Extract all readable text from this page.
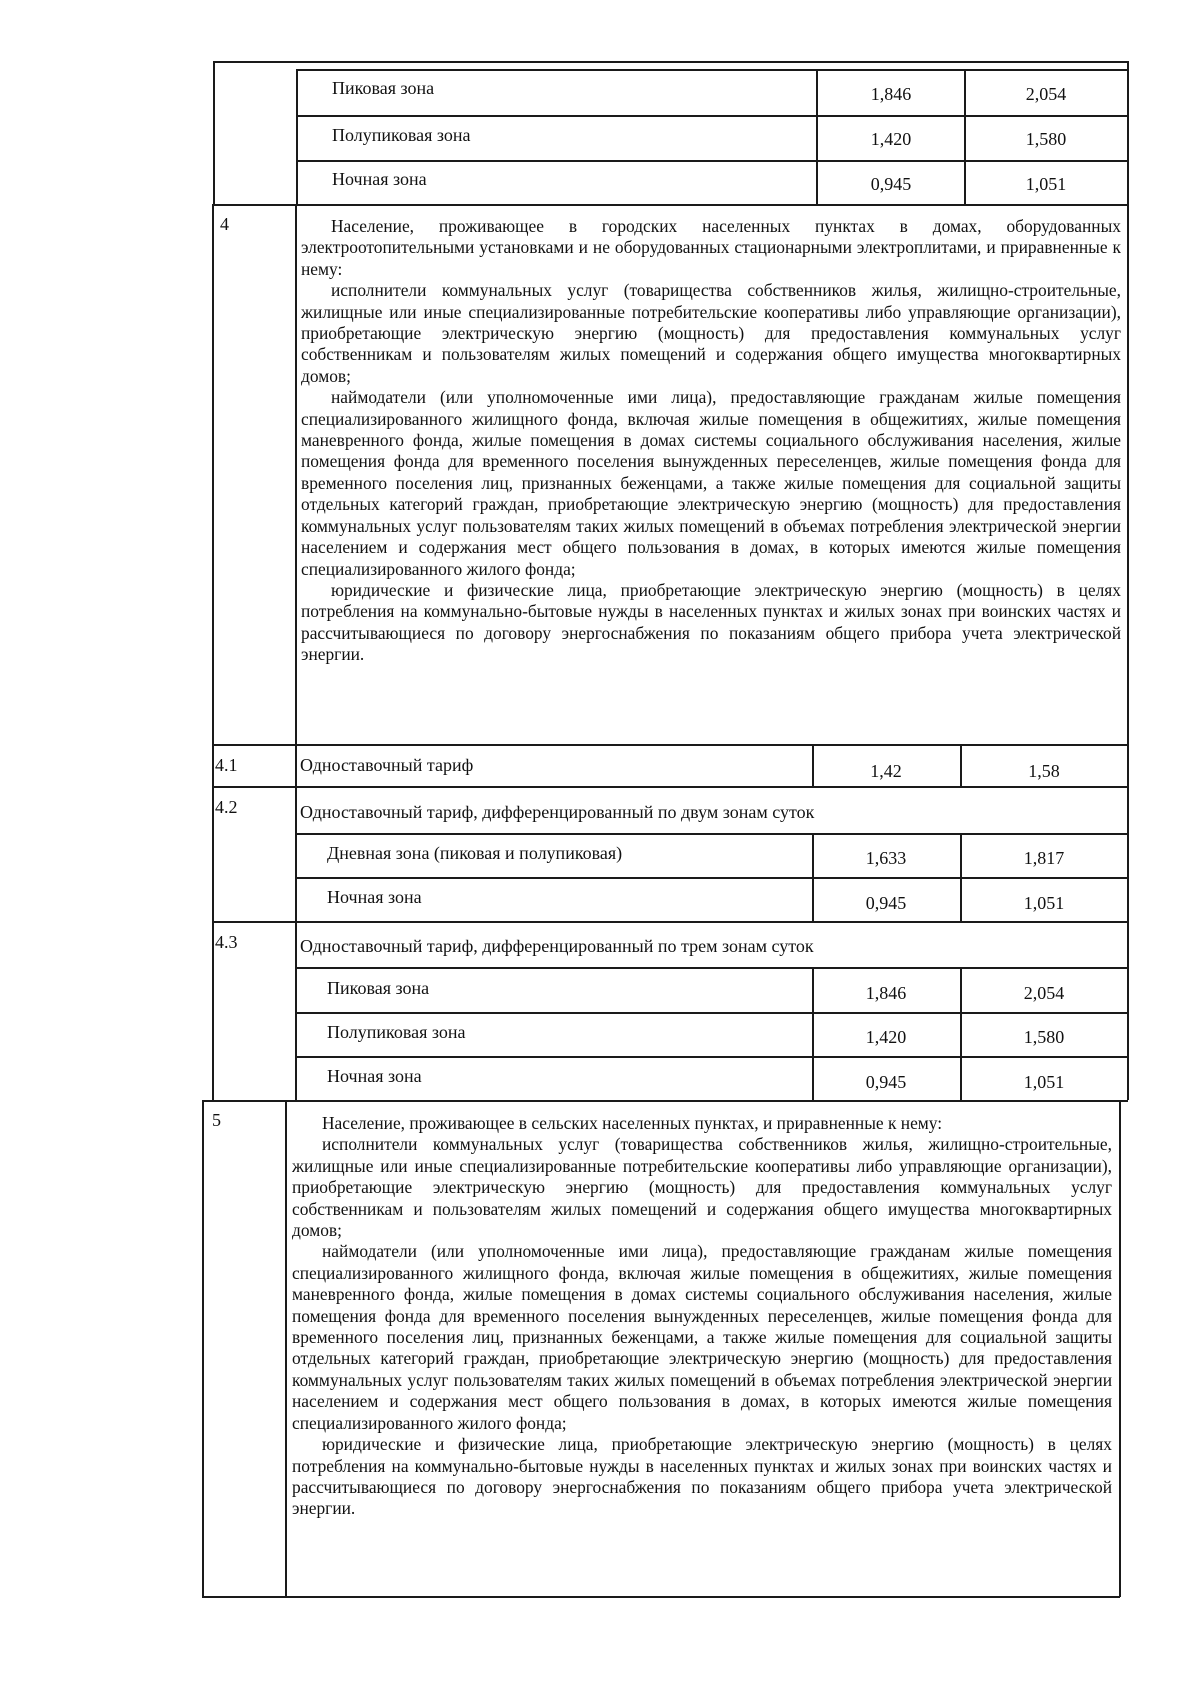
Пиковая зона	1,846	2,054
Полупиковая зона	1,420	1,580
Ночная зона	0,945	1,051
4	Население, проживающее в городских населенных пунктах в домах, оборудованных электроотопительными установками и не оборудованных стационарными электроплитами, и приравненные к нему:

исполнители коммунальных услуг (товарищества собственников жилья, жилищно-строительные, жилищные или иные специализированные потребительские кооперативы либо управляющие организации), приобретающие электрическую энергию (мощность) для предоставления коммунальных услуг собственникам и пользователям жилых помещений и содержания общего имущества многоквартирных домов;

наймодатели (или уполномоченные ими лица), предоставляющие гражданам жилые помещения специализированного жилищного фонда, включая жилые помещения в общежитиях, жилые помещения маневренного фонда, жилые помещения в домах системы социального обслуживания населения, жилые помещения фонда для временного поселения вынужденных переселенцев, жилые помещения фонда для временного поселения лиц, признанных беженцами, а также жилые помещения для социальной защиты отдельных категорий граждан, приобретающие электрическую энергию (мощность) для предоставления коммунальных услуг пользователям таких жилых помещений в объемах потребления электрической энергии населением и содержания мест общего пользования в домах, в которых имеются жилые помещения специализированного жилого фонда;

юридические и физические лица, приобретающие электрическую энергию (мощность) в целях потребления на коммунально-бытовые нужды в населенных пунктах и жилых зонах при воинских частях и рассчитывающиеся по договору энергоснабжения по показаниям общего прибора учета электрической энергии.

4.1	Одноставочный тариф	1,42	1,58
4.2	Одноставочный тариф, дифференцированный по двум зонам суток
Дневная зона (пиковая и полупиковая)	1,633	1,817
Ночная зона	0,945	1,051
4.3	Одноставочный тариф, дифференцированный по трем зонам суток
Пиковая зона	1,846	2,054
Полупиковая зона	1,420	1,580
Ночная зона	0,945	1,051
5	Население, проживающее в сельских населенных пунктах, и приравненные к нему:

исполнители коммунальных услуг (товарищества собственников жилья, жилищно-строительные, жилищные или иные специализированные потребительские кооперативы либо управляющие организации), приобретающие электрическую энергию (мощность) для предоставления коммунальных услуг собственникам и пользователям жилых помещений и содержания общего имущества многоквартирных домов;

наймодатели (или уполномоченные ими лица), предоставляющие гражданам жилые помещения специализированного жилищного фонда, включая жилые помещения в общежитиях, жилые помещения маневренного фонда, жилые помещения в домах системы социального обслуживания населения, жилые помещения фонда для временного поселения вынужденных переселенцев, жилые помещения фонда для временного поселения лиц, признанных беженцами, а также жилые помещения для социальной защиты отдельных категорий граждан, приобретающие электрическую энергию (мощность) для предоставления коммунальных услуг пользователям таких жилых помещений в объемах потребления электрической энергии населением и содержания мест общего пользования в домах, в которых имеются жилые помещения специализированного жилого фонда;

юридические и физические лица, приобретающие электрическую энергию (мощность) в целях потребления на коммунально-бытовые нужды в населенных пунктах и жилых зонах при воинских частях и рассчитывающиеся по договору энергоснабжения по показаниям общего прибора учета электрической энергии.
